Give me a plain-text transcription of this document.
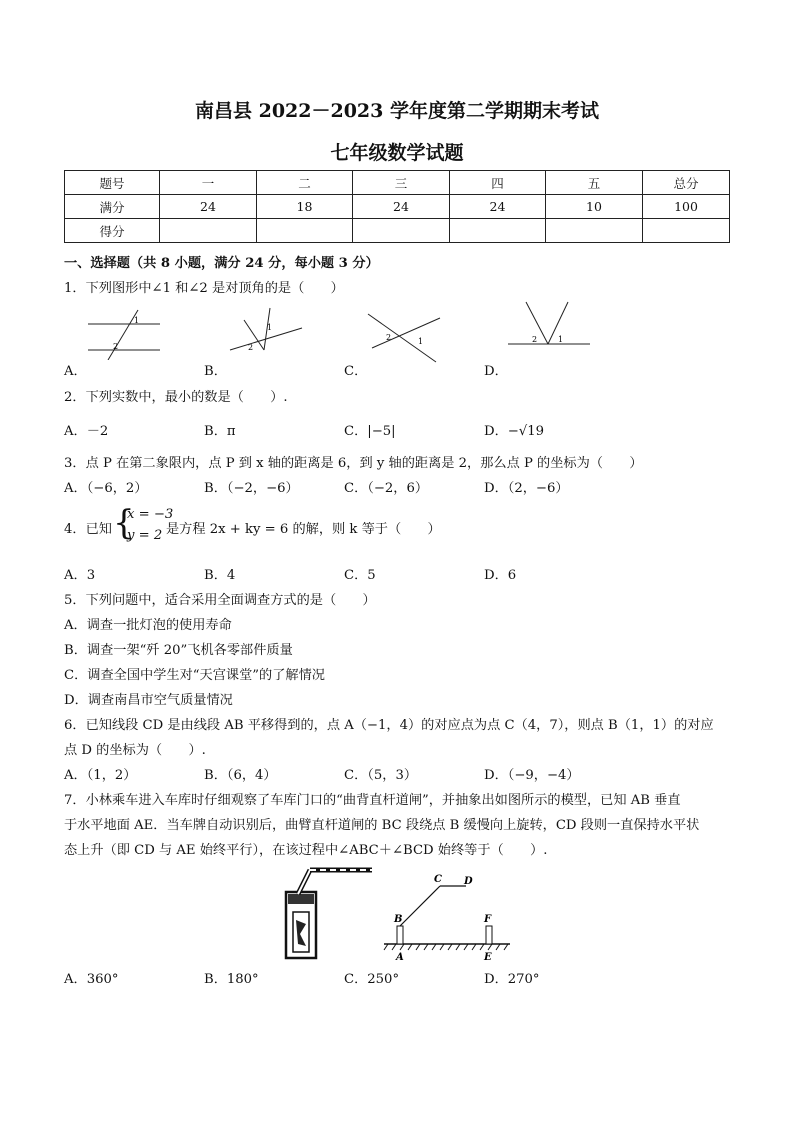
南昌县 2022－2023 学年度第二学期期末考试
七年级数学试题
题号	一	二	三	四	五	总分
满分	24	18	24	24	10	100
得分						
一、选择题（共 8 小题，满分 24 分，每小题 3 分）
1．下列图形中∠1 和∠2 是对顶角的是（　　）
1
2
1
2
2	1	2	1
A．	B．	C．	D．
2．下列实数中，最小的数是（　　）.
A．－2	B．π	C．|−5|	D．−√19
3．点 P 在第二象限内，点 P 到 x 轴的距离是 6，到 y 轴的距离是 2，那么点 P 的坐标为（　　）
A．（−6，2）	B．（−2，−6）	C．（−2，6）	D．（2，−6）
4．已知 {
x = −3
y = 2 是方程 2x + ky = 6 的解，则 k 等于（　　）
A．3	B．4	C．5	D．6
5．下列问题中，适合采用全面调查方式的是（　　）
A．调查一批灯泡的使用寿命
B．调查一架“歼 20”飞机各零部件质量
C．调查全国中学生对“天宫课堂”的了解情况
D．调查南昌市空气质量情况
6．已知线段 CD 是由线段 AB 平移得到的，点 A（−1，4）的对应点为点 C（4，7），则点 B（1，1）的对应
点 D 的坐标为（　　）.
A．（1，2）	B．（6，4）	C．（5，3）	D．（−9，−4）
7．小林乘车进入车库时仔细观察了车库门口的“曲背直杆道闸”，并抽象出如图所示的模型，已知 AB 垂直
于水平地面 AE．当车牌自动识别后，曲臂直杆道闸的 BC 段绕点 B 缓慢向上旋转，CD 段则一直保持水平状
态上升（即 CD 与 AE 始终平行），在该过程中∠ABC＋∠BCD 始终等于（　　）.
B
C D
F
A	E
A．360°	B．180°	C．250°	D．270°
